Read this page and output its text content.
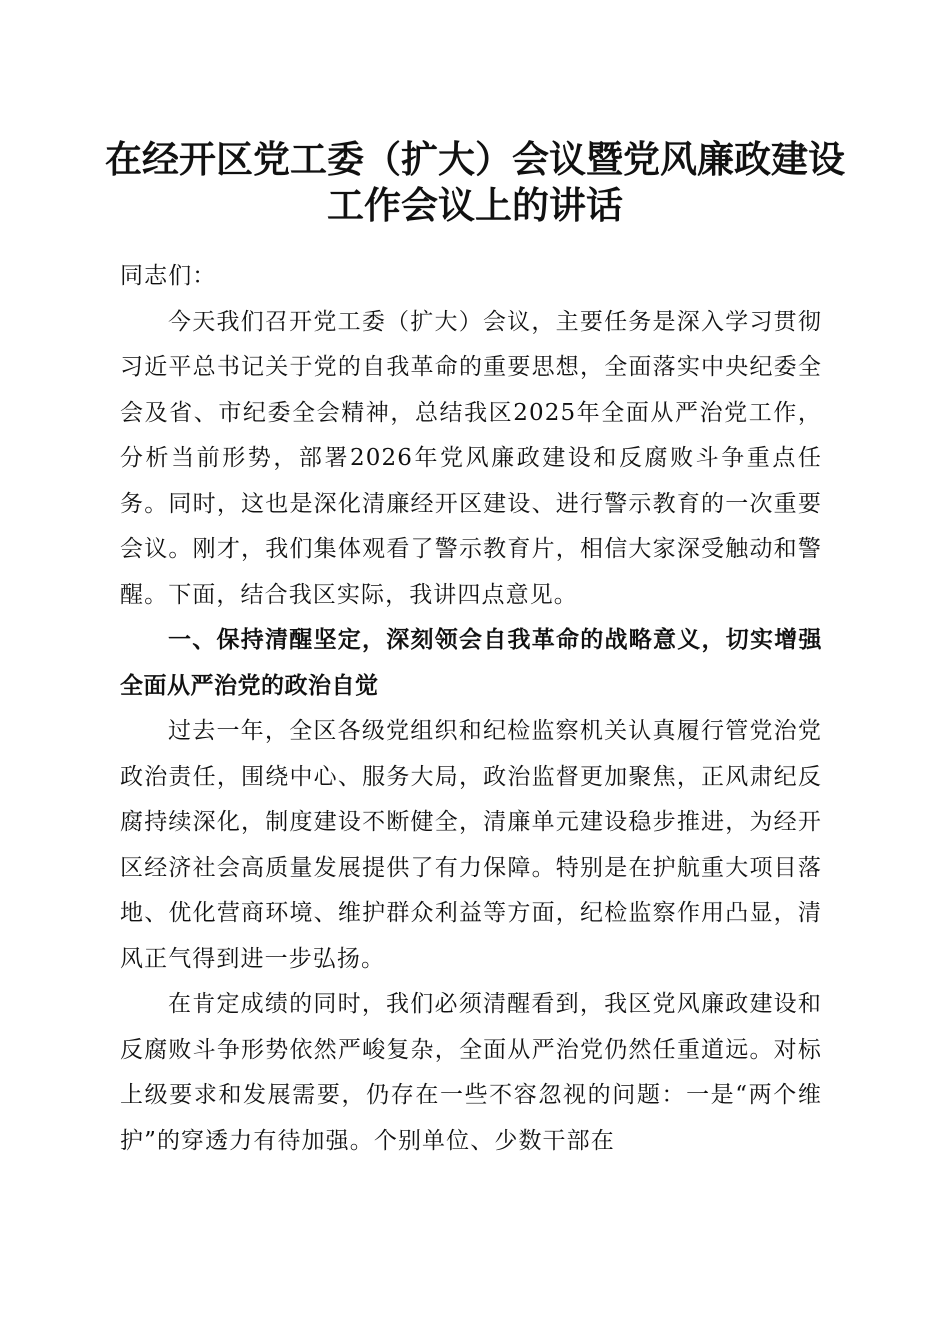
在经开区党工委（扩大）会议暨党风廉政建设
工作会议上的讲话

同志们：

今天我们召开党工委（扩大）会议，主要任务是深入学习贯彻习近平总书记关于党的自我革命的重要思想，全面落实中央纪委全会及省、市纪委全会精神，总结我区2025年全面从严治党工作，分析当前形势，部署2026年党风廉政建设和反腐败斗争重点任务。同时，这也是深化清廉经开区建设、进行警示教育的一次重要会议。刚才，我们集体观看了警示教育片，相信大家深受触动和警醒。下面，结合我区实际，我讲四点意见。

一、保持清醒坚定，深刻领会自我革命的战略意义，切实增强全面从严治党的政治自觉

过去一年，全区各级党组织和纪检监察机关认真履行管党治党政治责任，围绕中心、服务大局，政治监督更加聚焦，正风肃纪反腐持续深化，制度建设不断健全，清廉单元建设稳步推进，为经开区经济社会高质量发展提供了有力保障。特别是在护航重大项目落地、优化营商环境、维护群众利益等方面，纪检监察作用凸显，清风正气得到进一步弘扬。

在肯定成绩的同时，我们必须清醒看到，我区党风廉政建设和反腐败斗争形势依然严峻复杂，全面从严治党仍然任重道远。对标上级要求和发展需要，仍存在一些不容忽视的问题：一是“两个维护”的穿透力有待加强。个别单位、少数干部在
